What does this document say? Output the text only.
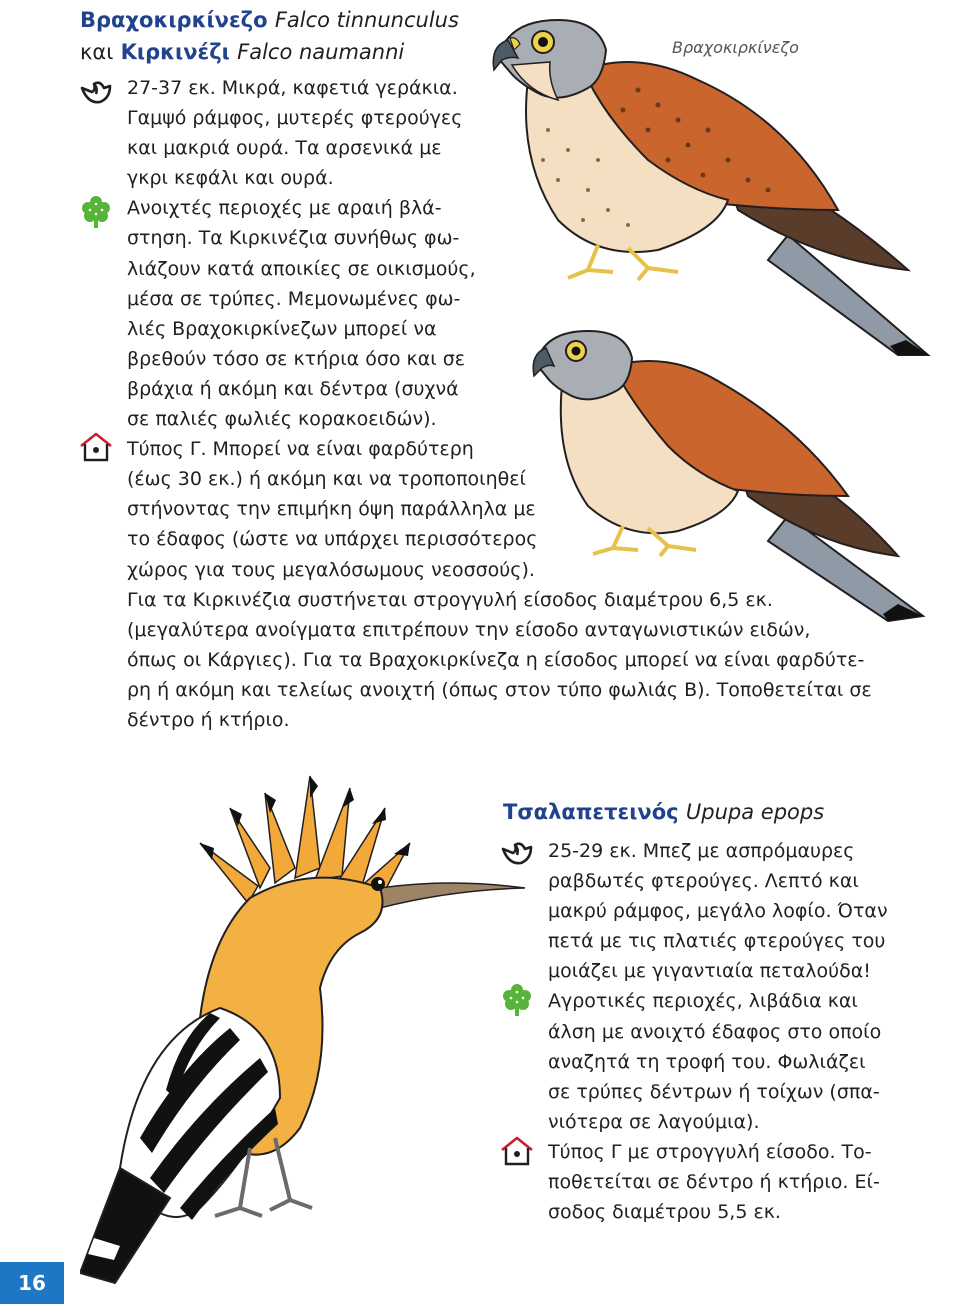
Βραχοκιρκίνεζο Falco tinnunculus
και Κιρκινέζι Falco naumanni	Βραχοκιρκίνεζο
27-37 εκ. Μικρά, καφετιά γεράκια.
Γαμψό ράμφος, μυτερές φτερούγες
και μακριά ουρά. Τα αρσενικά με
γκρι κεφάλι και ουρά.
Ανοιχτές περιοχές με αραιή βλά-
στηση. Τα Κιρκινέζια συνήθως φω-
λιάζουν κατά αποικίες σε οικισμούς,
μέσα σε τρύπες. Μεμονωμένες φω-
λιές Βραχοκιρκίνεζων μπορεί να
βρεθούν τόσο σε κτήρια όσο και σε
βράχια ή ακόμη και δέντρα (συχνά
σε παλιές φωλιές κορακοειδών).
Τύπος Γ. Μπορεί να είναι φαρδύτερη
(έως 30 εκ.) ή ακόμη και να τροποποιηθεί
στήνοντας την επιμήκη όψη παράλληλα με
το έδαφος (ώστε να υπάρχει περισσότερος
χώρος για τους μεγαλόσωμους νεοσσούς).
Για τα Κιρκινέζια συστήνεται στρογγυλή είσοδος διαμέτρου 6,5 εκ.
(μεγαλύτερα ανοίγματα επιτρέπουν την είσοδο ανταγωνιστικών ειδών,
όπως οι Κάργιες). Για τα Βραχοκιρκίνεζα η είσοδος μπορεί να είναι φαρδύτε-
ρη ή ακόμη και τελείως ανοιχτή (όπως στον τύπο φωλιάς Β). Τοποθετείται σε
δέντρο ή κτήριο.
Τσαλαπετεινός Upupa epops
25-29 εκ. Μπεζ με ασπρόμαυρες
ραβδωτές φτερούγες. Λεπτό και
μακρύ ράμφος, μεγάλο λοφίο. Όταν
πετά με τις πλατιές φτερούγες του
μοιάζει με γιγαντιαία πεταλούδα!
Αγροτικές περιοχές, λιβάδια και
άλση με ανοιχτό έδαφος στο οποίο
αναζητά τη τροφή του. Φωλιάζει
σε τρύπες δέντρων ή τοίχων (σπα-
νιότερα σε λαγούμια).
Τύπος Γ με στρογγυλή είσοδο. Το-
ποθετείται σε δέντρο ή κτήριο. Εί-
σοδος διαμέτρου 5,5 εκ.
16
